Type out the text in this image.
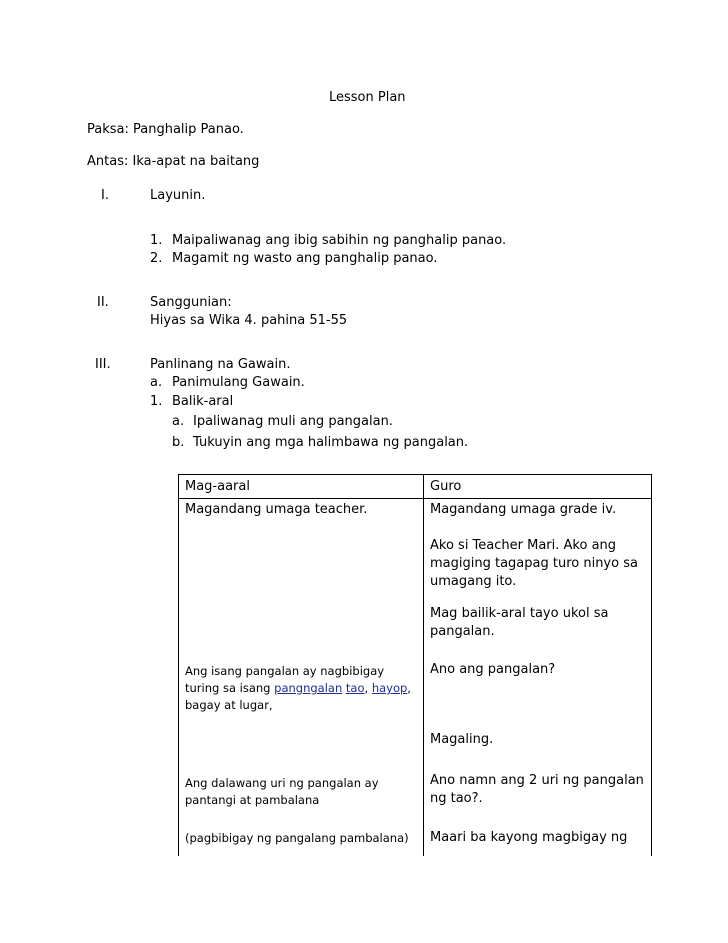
Lesson Plan
Paksa: Panghalip Panao.
Antas: Ika-apat na baitang
I.	Layunin.
1. Maipaliwanag ang ibig sabihin ng panghalip panao.
2. Magamit ng wasto ang panghalip panao.
II.	Sanggunian:
Hiyas sa Wika 4. pahina 51-55
III.	Panlinang na Gawain.
a. Panimulang Gawain.
1. Balik-aral
a. Ipaliwanag muli ang pangalan.
b. Tukuyin ang mga halimbawa ng pangalan.
Mag-aaral	Guro

Magandang umaga teacher.	Magandang umaga grade iv.

	Ako si Teacher Mari. Ako ang magiging tagapag turo ninyo sa umagang ito.

	Mag bailik-aral tayo ukol sa pangalan.

Ang isang pangalan ay nagbibigay turing sa isang pangngalan tao, hayop, bagay at lugar,	Ano ang pangalan?

	Magaling.

Ang dalawang uri ng pangalan ay pantangi at pambalana	Ano namn ang 2 uri ng pangalan ng tao?.

(pagbibigay ng pangalang pambalana)	Maari ba kayong magbigay ng
